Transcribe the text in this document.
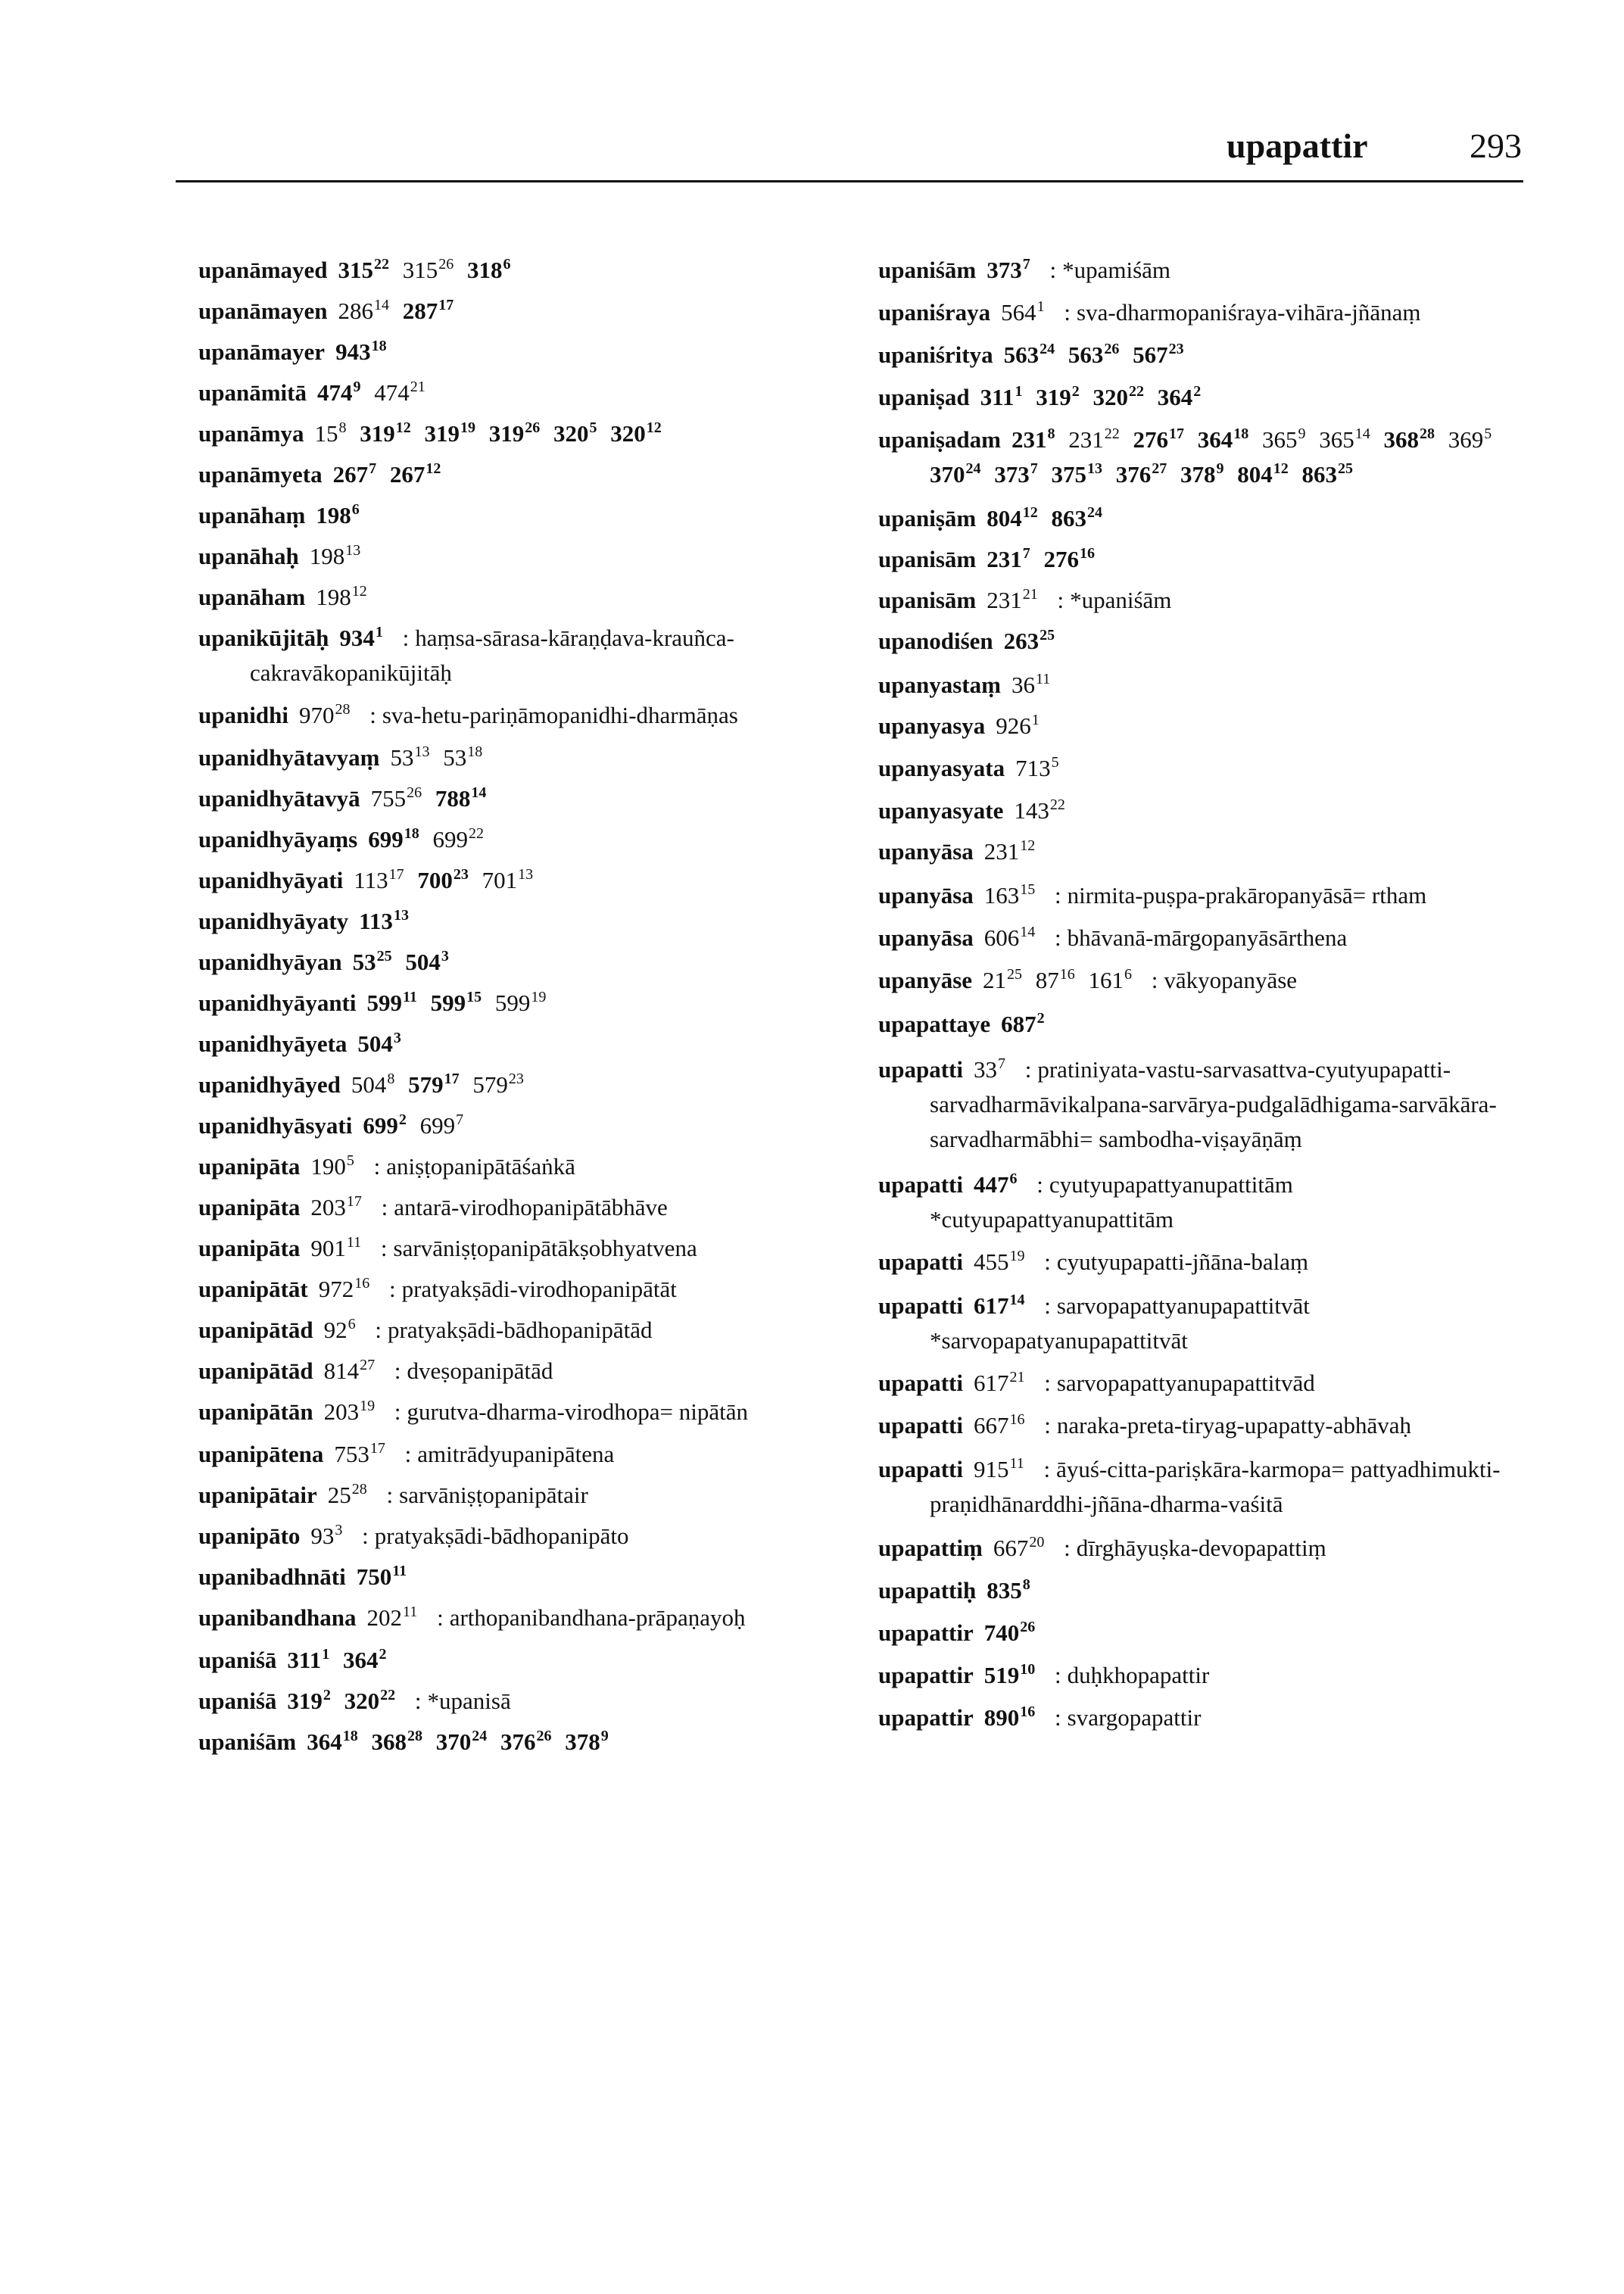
upapattir	293

upanāmayed $315^{22}$ $315^{26}$ $318^6$

upanāmayen $286^{14}$ $287^{17}$

upanāmayer $943^{18}$

upanāmitā $474^9$ $474^{21}$

upanāmya $15^8$ $319^{12}$ $319^{19}$ $319^{26}$ $320^5$ $320^{12}$

upanāmyeta $267^7$ $267^{12}$

upanāhaṃ $198^6$

upanāhaḥ $198^{13}$

upanāham $198^{12}$

upanikūjitāḥ $934^1$ : haṃsa-sārasa-kāraṇḍava-krauñca-cakravākopanikūjitāḥ

upanidhi $970^{28}$ : sva-hetu-pariṇāmopanidhi-dharmāṇas

upanidhyātavyaṃ $53^{13}$ $53^{18}$

upanidhyātavyā $755^{26}$ $788^{14}$

upanidhyāyaṃs $699^{18}$ $699^{22}$

upanidhyāyati $113^{17}$ $700^{23}$ $701^{13}$

upanidhyāyaty $113^{13}$

upanidhyāyan $53^{25}$ $504^3$

upanidhyāyanti $599^{11}$ $599^{15}$ $599^{19}$

upanidhyāyeta $504^3$

upanidhyāyed $504^8$ $579^{17}$ $579^{23}$

upanidhyāsyati $699^2$ $699^7$

upanipāta $190^5$ : aniṣṭopanipātāśaṅkā

upanipāta $203^{17}$ : antarā-virodhopanipātābhāve

upanipāta $901^{11}$ : sarvāniṣṭopanipātākṣobhyatvena

upanipātāt $972^{16}$ : pratyakṣādi-virodhopanipātāt

upanipātād $92^6$ : pratyakṣādi-bādhopanipātād

upanipātād $814^{27}$ : dveṣopanipātād

upanipātān $203^{19}$ : gurutva-dharma-virodhopa= nipātān

upanipātena $753^{17}$ : amitrādyupanipātena

upanipātair $25^{28}$ : sarvāniṣṭopanipātair

upanipāto $93^3$ : pratyakṣādi-bādhopanipāto

upanibadhnāti $750^{11}$

upanibandhana $202^{11}$ : arthopanibandhana-prāpaṇayoḥ

upaniśā $311^1$ $364^2$

upaniśā $319^2$ $320^{22}$ : *upanisā

upaniśām $364^{18}$ $368^{28}$ $370^{24}$ $376^{26}$ $378^9$

upaniśām $373^7$ : *upamiśām

upaniśraya $564^1$ : sva-dharmopaniśraya-vihāra-jñānaṃ

upaniśritya $563^{24}$ $563^{26}$ $567^{23}$

upaniṣad $311^1$ $319^2$ $320^{22}$ $364^2$

upaniṣadam $231^8$ $231^{22}$ $276^{17}$ $364^{18}$ $365^9$ $365^{14}$ $368^{28}$ $369^5$ $370^{24}$ $373^7$ $375^{13}$ $376^{27}$ $378^9$ $804^{12}$ $863^{25}$

upaniṣām $804^{12}$ $863^{24}$

upanisām $231^7$ $276^{16}$

upanisām $231^{21}$ : *upaniśām

upanodiśen $263^{25}$

upanyastaṃ $36^{11}$

upanyasya $926^1$

upanyasyata $713^5$

upanyasyate $143^{22}$

upanyāsa $231^{12}$

upanyāsa $163^{15}$ : nirmita-puṣpa-prakāropanyāsā= rtham

upanyāsa $606^{14}$ : bhāvanā-mārgopanyāsārthena

upanyāse $21^{25}$ $87^{16}$ $161^6$ : vākyopanyāse

upapattaye $687^2$

upapatti $33^7$ : pratiniyata-vastu-sarvasattva-cyutyupapatti-sarvadharmāvikalpana-sarvārya-pudgalādhigama-sarvākāra-sarvadharmābhi= sambodha-viṣayāṇāṃ

upapatti $447^6$ : cyutyupapattyanupattitām *cutyupapattyanupattitām

upapatti $455^{19}$ : cyutyupapatti-jñāna-balaṃ

upapatti $617^{14}$ : sarvopapattyanupapattitvāt *sarvopapatyanupapattitvāt

upapatti $617^{21}$ : sarvopapattyanupapattitvād

upapatti $667^{16}$ : naraka-preta-tiryag-upapatty-abhāvaḥ

upapatti $915^{11}$ : āyuś-citta-pariṣkāra-karmopa= pattyadhimukti-praṇidhānarddhi-jñāna-dharma-vaśitā

upapattiṃ $667^{20}$ : dīrghāyuṣka-devopapattiṃ

upapattiḥ $835^8$

upapattir $740^{26}$

upapattir $519^{10}$ : duḥkhopapattir

upapattir $890^{16}$ : svargopapattir
